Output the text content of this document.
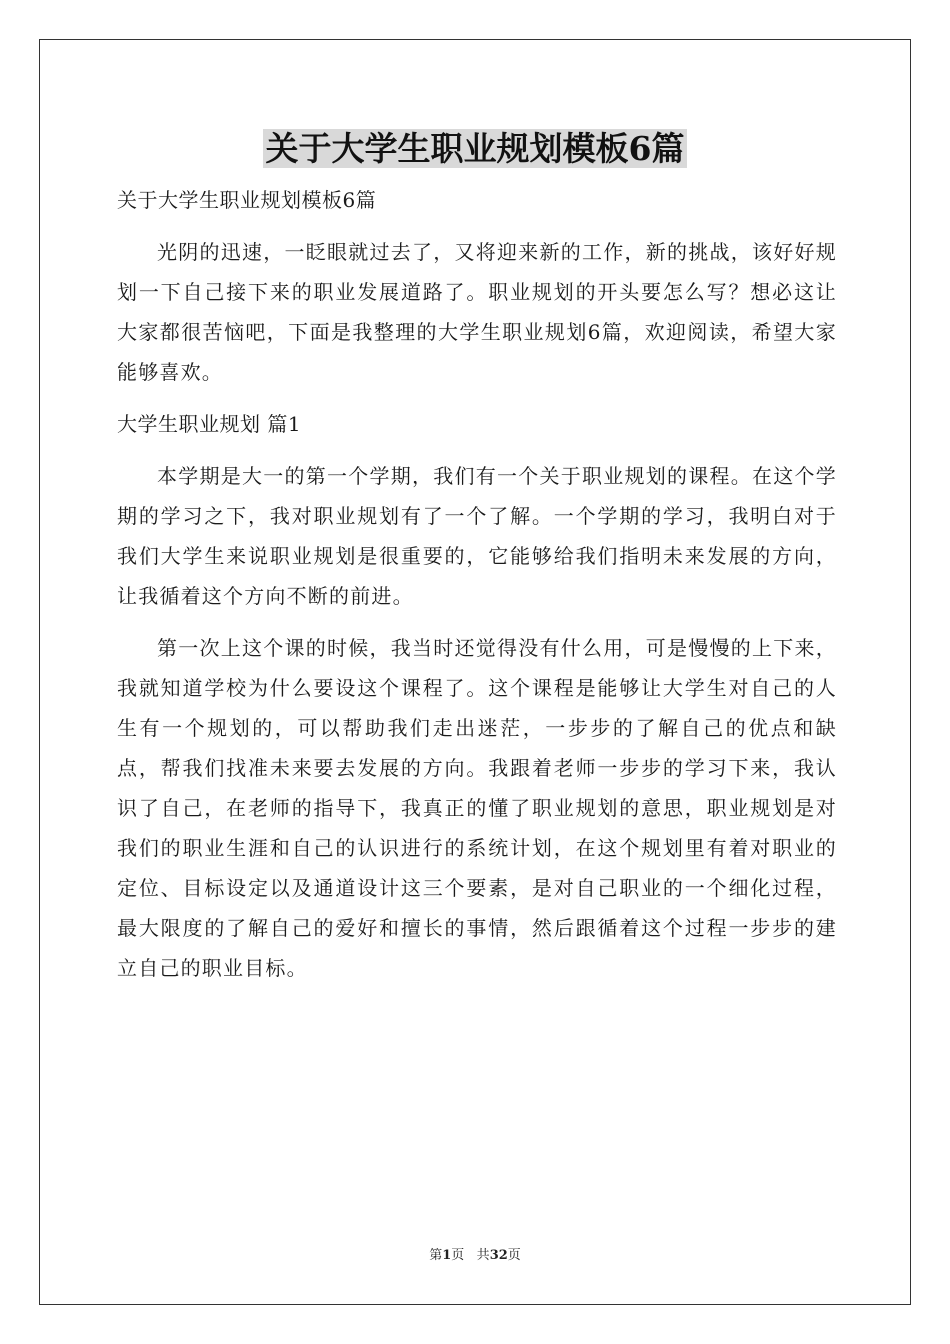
关于大学生职业规划模板6篇

关于大学生职业规划模板6篇

光阴的迅速，一眨眼就过去了，又将迎来新的工作，新的挑战，该好好规划一下自己接下来的职业发展道路了。职业规划的开头要怎么写？想必这让大家都很苦恼吧，下面是我整理的大学生职业规划6篇，欢迎阅读，希望大家能够喜欢。

大学生职业规划 篇1

本学期是大一的第一个学期，我们有一个关于职业规划的课程。在这个学期的学习之下，我对职业规划有了一个了解。一个学期的学习，我明白对于我们大学生来说职业规划是很重要的，它能够给我们指明未来发展的方向，让我循着这个方向不断的前进。

第一次上这个课的时候，我当时还觉得没有什么用，可是慢慢的上下来，我就知道学校为什么要设这个课程了。这个课程是能够让大学生对自己的人生有一个规划的，可以帮助我们走出迷茫，一步步的了解自己的优点和缺点，帮我们找准未来要去发展的方向。我跟着老师一步步的学习下来，我认识了自己，在老师的指导下，我真正的懂了职业规划的意思，职业规划是对我们的职业生涯和自己的认识进行的系统计划，在这个规划里有着对职业的定位、目标设定以及通道设计这三个要素，是对自己职业的一个细化过程，最大限度的了解自己的爱好和擅长的事情，然后跟循着这个过程一步步的建立自己的职业目标。

第1页 共32页
